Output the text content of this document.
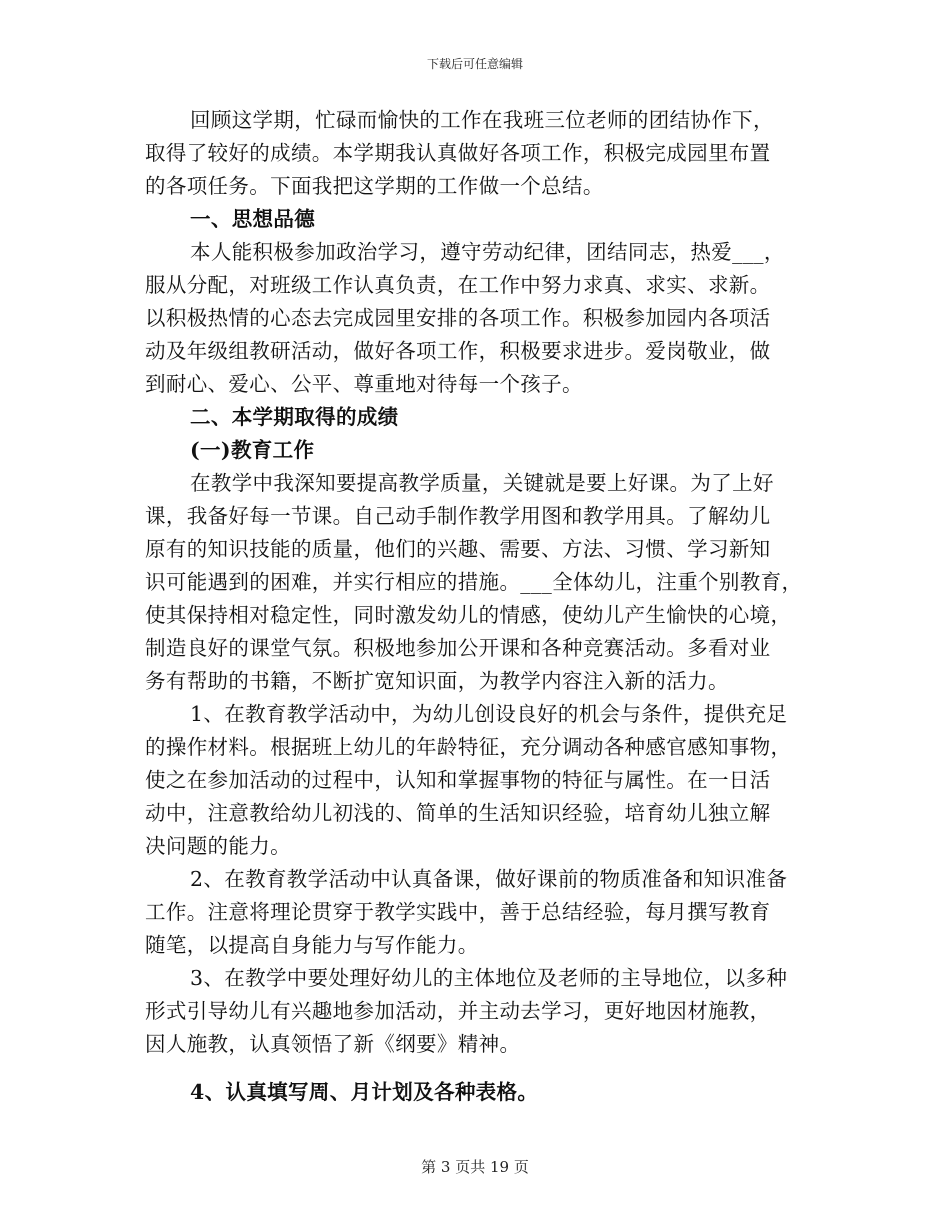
下载后可任意编辑
回顾这学期，忙碌而愉快的工作在我班三位老师的团结协作下，
取得了较好的成绩。本学期我认真做好各项工作，积极完成园里布置
的各项任务。下面我把这学期的工作做一个总结。
一、思想品德
本人能积极参加政治学习，遵守劳动纪律，团结同志，热爱___，
服从分配，对班级工作认真负责，在工作中努力求真、求实、求新。
以积极热情的心态去完成园里安排的各项工作。积极参加园内各项活
动及年级组教研活动，做好各项工作，积极要求进步。爱岗敬业，做
到耐心、爱心、公平、尊重地对待每一个孩子。
二、本学期取得的成绩
(一)教育工作
在教学中我深知要提高教学质量，关键就是要上好课。为了上好
课，我备好每一节课。自己动手制作教学用图和教学用具。了解幼儿
原有的知识技能的质量，他们的兴趣、需要、方法、习惯、学习新知
识可能遇到的困难，并实行相应的措施。___全体幼儿，注重个别教育，
使其保持相对稳定性，同时激发幼儿的情感，使幼儿产生愉快的心境，
制造良好的课堂气氛。积极地参加公开课和各种竞赛活动。多看对业
务有帮助的书籍，不断扩宽知识面，为教学内容注入新的活力。
1、在教育教学活动中，为幼儿创设良好的机会与条件，提供充足
的操作材料。根据班上幼儿的年龄特征，充分调动各种感官感知事物，
使之在参加活动的过程中，认知和掌握事物的特征与属性。在一日活
动中，注意教给幼儿初浅的、简单的生活知识经验，培育幼儿独立解
决问题的能力。
2、在教育教学活动中认真备课，做好课前的物质准备和知识准备
工作。注意将理论贯穿于教学实践中，善于总结经验，每月撰写教育
随笔，以提高自身能力与写作能力。
3、在教学中要处理好幼儿的主体地位及老师的主导地位，以多种
形式引导幼儿有兴趣地参加活动，并主动去学习，更好地因材施教，
因人施教，认真领悟了新《纲要》精神。
4、认真填写周、月计划及各种表格。
第 3 页共 19 页
